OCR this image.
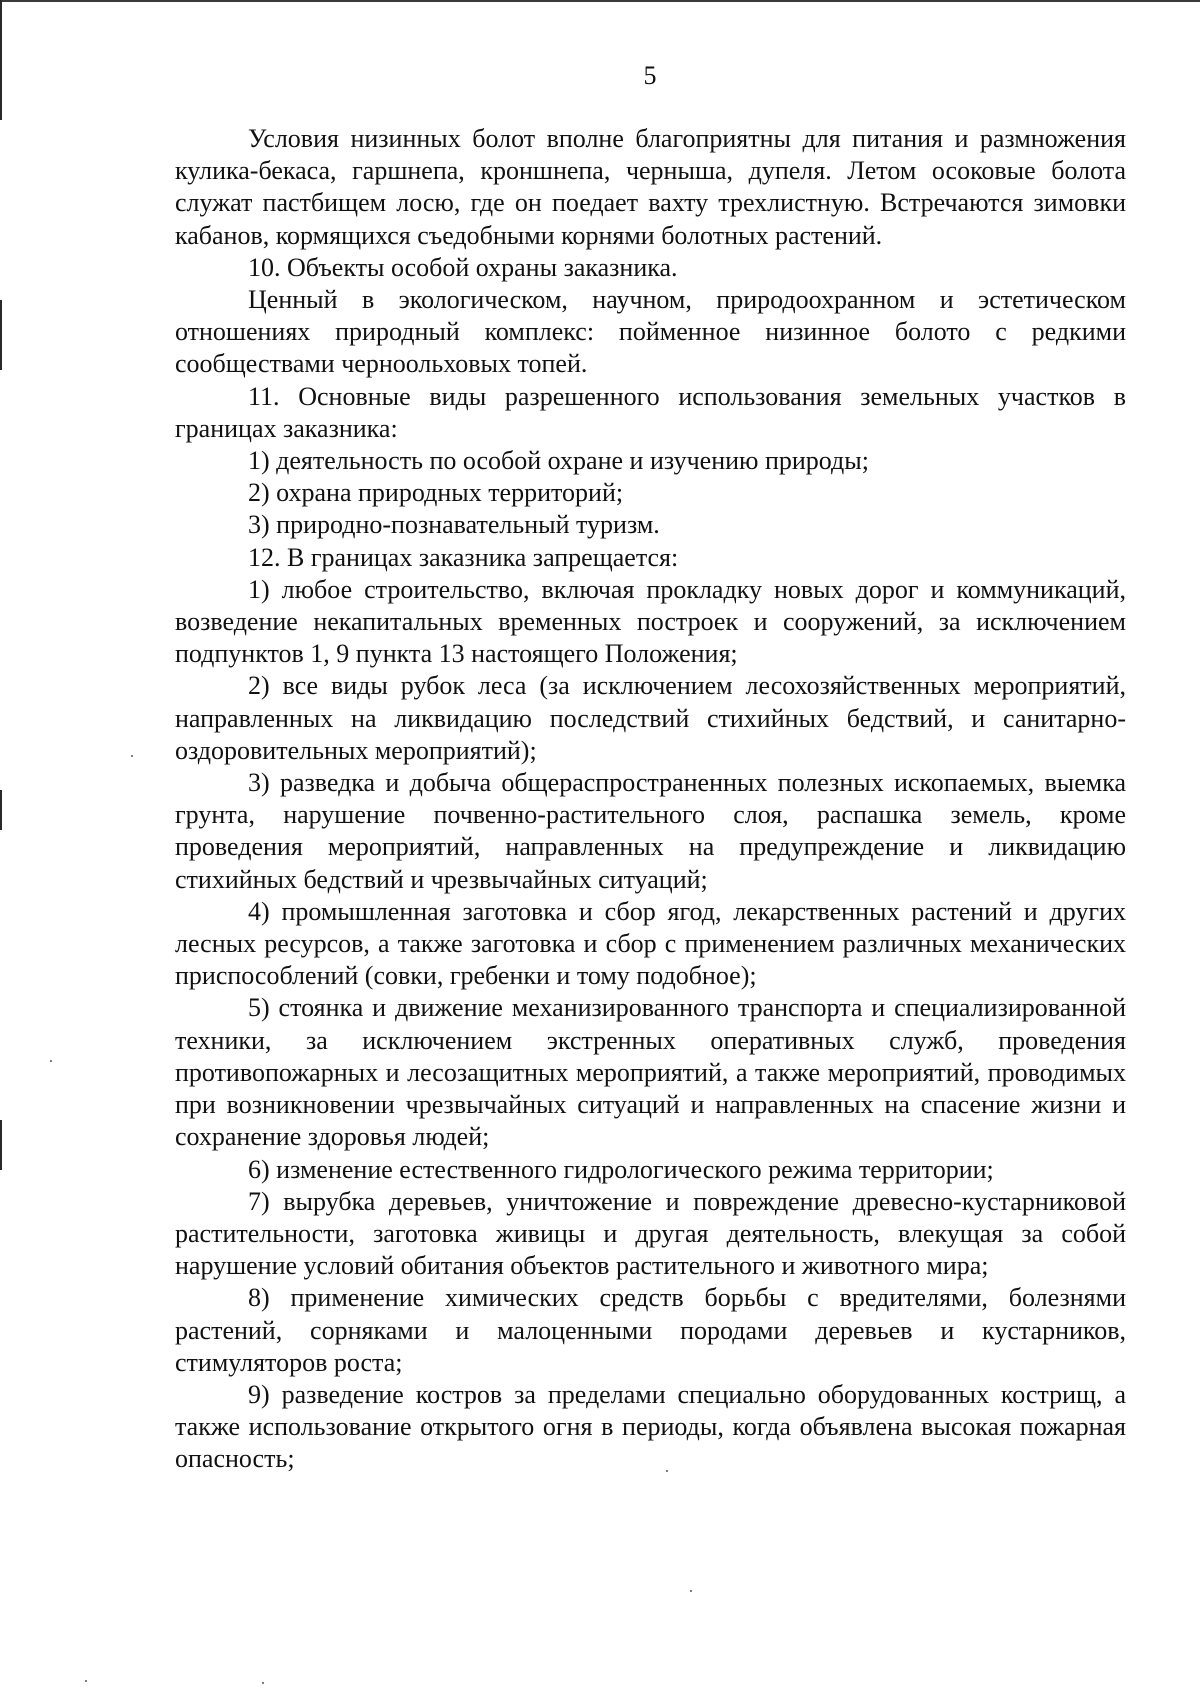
5

Условия низинных болот вполне благоприятны для питания и размножения кулика-бекаса, гаршнепа, кроншнепа, черныша, дупеля. Летом осоковые болота служат пастбищем лосю, где он поедает вахту трехлистную. Встречаются зимовки кабанов, кормящихся съедобными корнями болотных растений.

10. Объекты особой охраны заказника.

Ценный в экологическом, научном, природоохранном и эстетическом отношениях природный комплекс: пойменное низинное болото с редкими сообществами черноольховых топей.

11. Основные виды разрешенного использования земельных участков в границах заказника:

1) деятельность по особой охране и изучению природы;

2) охрана природных территорий;

3) природно-познавательный туризм.

12. В границах заказника запрещается:

1) любое строительство, включая прокладку новых дорог и коммуникаций, возведение некапитальных временных построек и сооружений, за исключением подпунктов 1, 9 пункта 13 настоящего Положения;

2) все виды рубок леса (за исключением лесохозяйственных мероприятий, направленных на ликвидацию последствий стихийных бедствий, и санитарно-оздоровительных мероприятий);

3) разведка и добыча общераспространенных полезных ископаемых, выемка грунта, нарушение почвенно-растительного слоя, распашка земель, кроме проведения мероприятий, направленных на предупреждение и ликвидацию стихийных бедствий и чрезвычайных ситуаций;

4) промышленная заготовка и сбор ягод, лекарственных растений и других лесных ресурсов, а также заготовка и сбор с применением различных механических приспособлений (совки, гребенки и тому подобное);

5) стоянка и движение механизированного транспорта и специализированной техники, за исключением экстренных оперативных служб, проведения противопожарных и лесозащитных мероприятий, а также мероприятий, проводимых при возникновении чрезвычайных ситуаций и направленных на спасение жизни и сохранение здоровья людей;

6) изменение естественного гидрологического режима территории;

7) вырубка деревьев, уничтожение и повреждение древесно-кустарниковой растительности, заготовка живицы и другая деятельность, влекущая за собой нарушение условий обитания объектов растительного и животного мира;

8) применение химических средств борьбы с вредителями, болезнями растений, сорняками и малоценными породами деревьев и кустарников, стимуляторов роста;

9) разведение костров за пределами специально оборудованных кострищ, а также использование открытого огня в периоды, когда объявлена высокая пожарная опасность;
